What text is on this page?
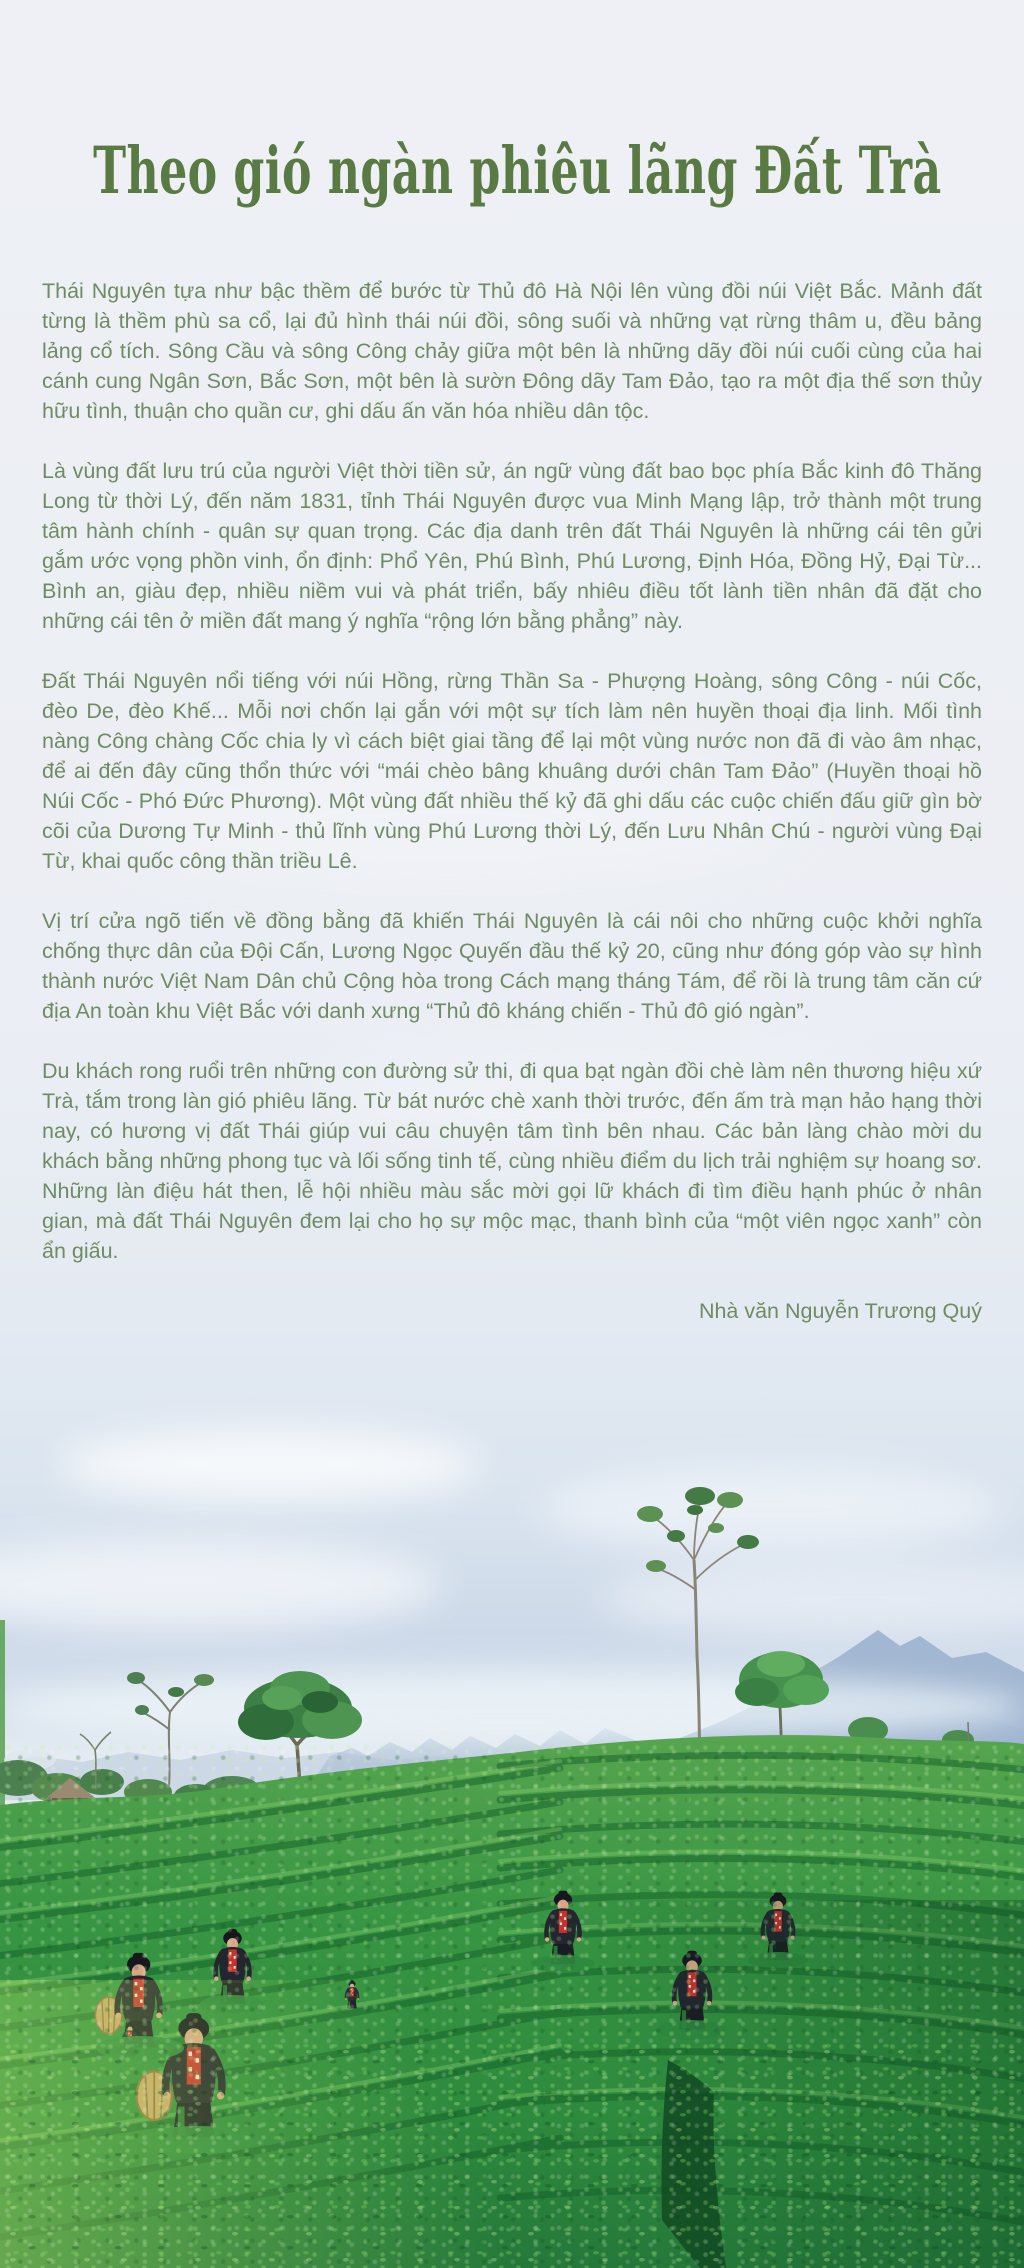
Theo gió ngàn phiêu lãng Đất Trà

Thái Nguyên tựa như bậc thềm để bước từ Thủ đô Hà Nội lên vùng đồi núi Việt Bắc. Mảnh đất từng là thềm phù sa cổ, lại đủ hình thái núi đồi, sông suối và những vạt rừng thâm u, đều bảng lảng cổ tích. Sông Cầu và sông Công chảy giữa một bên là những dãy đồi núi cuối cùng của hai cánh cung Ngân Sơn, Bắc Sơn, một bên là sườn Đông dãy Tam Đảo, tạo ra một địa thế sơn thủy hữu tình, thuận cho quần cư, ghi dấu ấn văn hóa nhiều dân tộc.

Là vùng đất lưu trú của người Việt thời tiền sử, án ngữ vùng đất bao bọc phía Bắc kinh đô Thăng Long từ thời Lý, đến năm 1831, tỉnh Thái Nguyên được vua Minh Mạng lập, trở thành một trung tâm hành chính - quân sự quan trọng. Các địa danh trên đất Thái Nguyên là những cái tên gửi gắm ước vọng phồn vinh, ổn định: Phổ Yên, Phú Bình, Phú Lương, Định Hóa, Đồng Hỷ, Đại Từ... Bình an, giàu đẹp, nhiều niềm vui và phát triển, bấy nhiêu điều tốt lành tiền nhân đã đặt cho những cái tên ở miền đất mang ý nghĩa “rộng lớn bằng phẳng” này.

Đất Thái Nguyên nổi tiếng với núi Hồng, rừng Thần Sa - Phượng Hoàng, sông Công - núi Cốc, đèo De, đèo Khế... Mỗi nơi chốn lại gắn với một sự tích làm nên huyền thoại địa linh. Mối tình nàng Công chàng Cốc chia ly vì cách biệt giai tầng để lại một vùng nước non đã đi vào âm nhạc, để ai đến đây cũng thổn thức với “mái chèo bâng khuâng dưới chân Tam Đảo” (Huyền thoại hồ Núi Cốc - Phó Đức Phương). Một vùng đất nhiều thế kỷ đã ghi dấu các cuộc chiến đấu giữ gìn bờ cõi của Dương Tự Minh - thủ lĩnh vùng Phú Lương thời Lý, đến Lưu Nhân Chú - người vùng Đại Từ, khai quốc công thần triều Lê.

Vị trí cửa ngõ tiến về đồng bằng đã khiến Thái Nguyên là cái nôi cho những cuộc khởi nghĩa chống thực dân của Đội Cấn, Lương Ngọc Quyến đầu thế kỷ 20, cũng như đóng góp vào sự hình thành nước Việt Nam Dân chủ Cộng hòa trong Cách mạng tháng Tám, để rồi là trung tâm căn cứ địa An toàn khu Việt Bắc với danh xưng “Thủ đô kháng chiến - Thủ đô gió ngàn”.

Du khách rong ruổi trên những con đường sử thi, đi qua bạt ngàn đồi chè làm nên thương hiệu xứ Trà, tắm trong làn gió phiêu lãng. Từ bát nước chè xanh thời trước, đến ấm trà mạn hảo hạng thời nay, có hương vị đất Thái giúp vui câu chuyện tâm tình bên nhau. Các bản làng chào mời du khách bằng những phong tục và lối sống tinh tế, cùng nhiều điểm du lịch trải nghiệm sự hoang sơ. Những làn điệu hát then, lễ hội nhiều màu sắc mời gọi lữ khách đi tìm điều hạnh phúc ở nhân gian, mà đất Thái Nguyên đem lại cho họ sự mộc mạc, thanh bình của “một viên ngọc xanh” còn ẩn giấu.

Nhà văn Nguyễn Trương Quý
